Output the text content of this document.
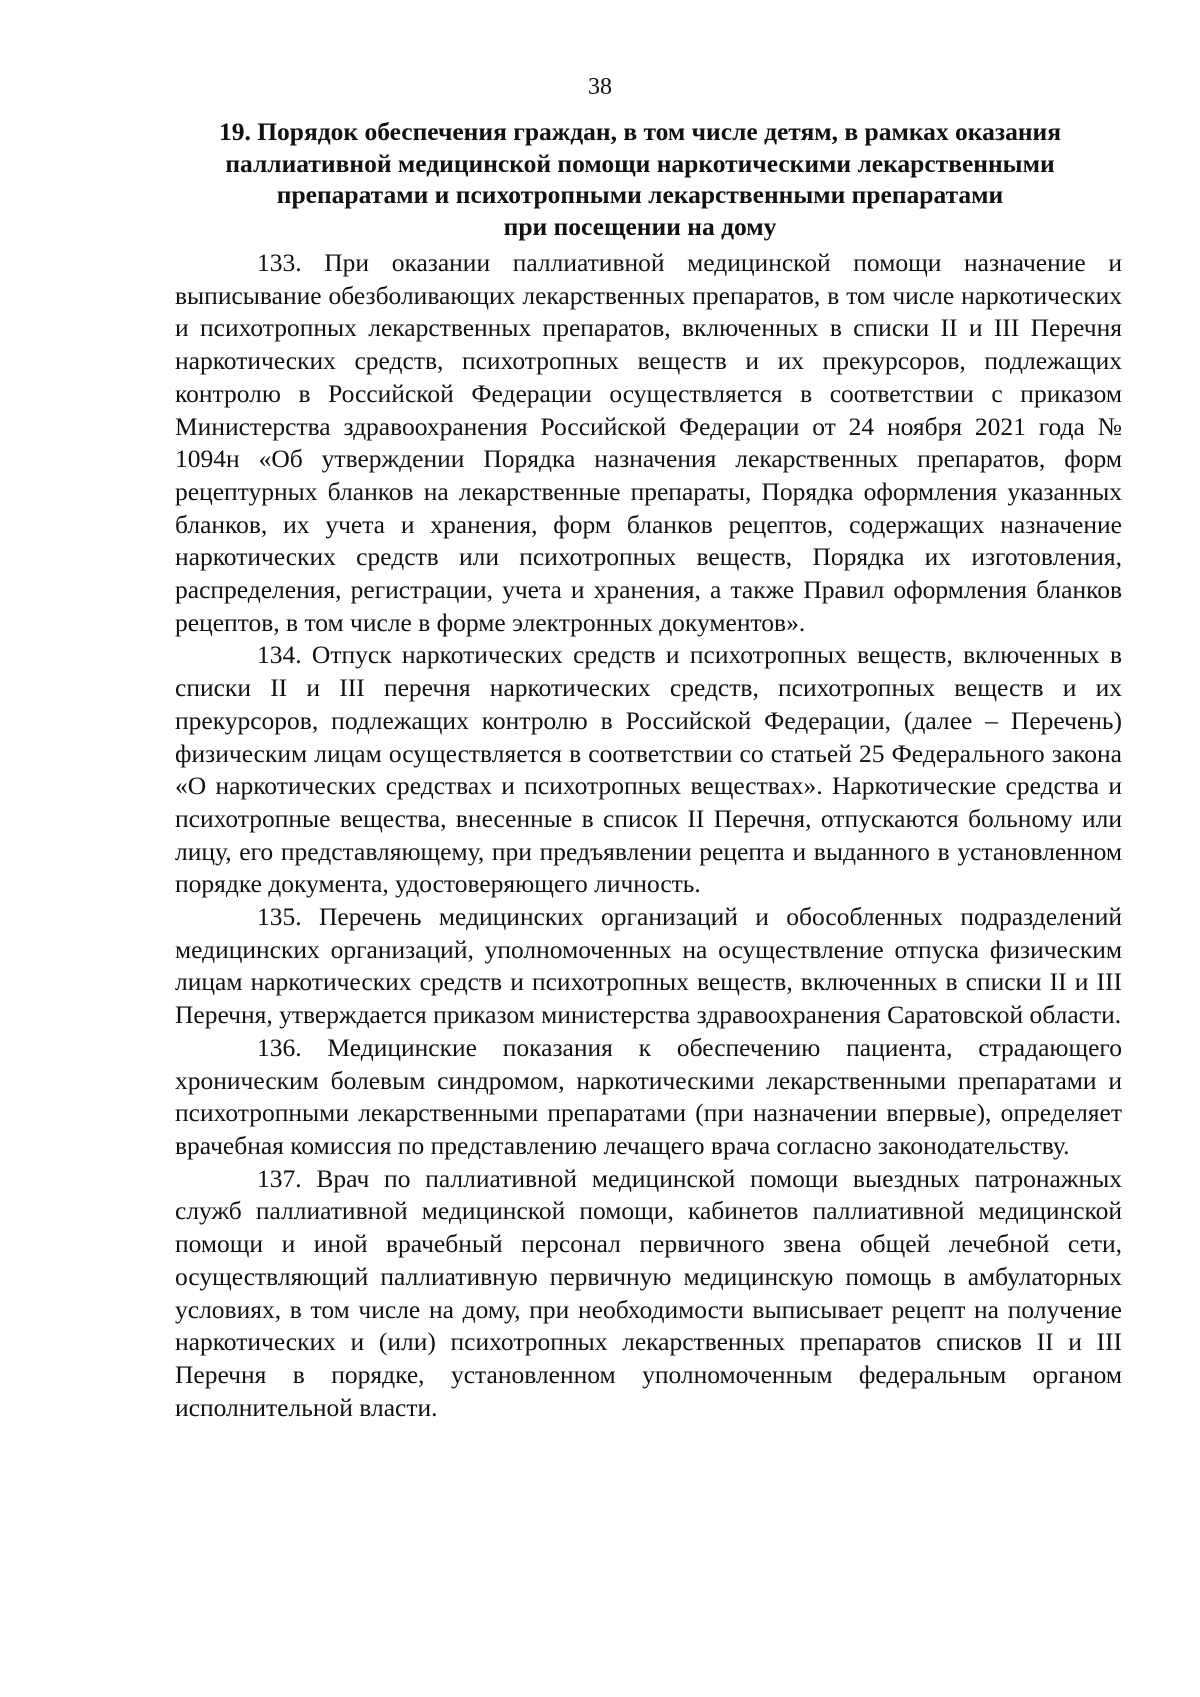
38
19. Порядок обеспечения граждан, в том числе детям, в рамках оказания
паллиативной медицинской помощи наркотическими лекарственными
препаратами и психотропными лекарственными препаратами
при посещении на дому

133. При оказании паллиативной медицинской помощи назначение и выписывание обезболивающих лекарственных препаратов, в том числе наркотических и психотропных лекарственных препаратов, включенных в списки II и III Перечня наркотических средств, психотропных веществ и их прекурсоров, подлежащих контролю в Российской Федерации осуществляется в соответствии с приказом Министерства здравоохранения Российской Федерации от 24 ноября 2021 года № 1094н «Об утверждении Порядка назначения лекарственных препаратов, форм рецептурных бланков на лекарственные препараты, Порядка оформления указанных бланков, их учета и хранения, форм бланков рецептов, содержащих назначение наркотических средств или психотропных веществ, Порядка их изготовления, распределения, регистрации, учета и хранения, а также Правил оформления бланков рецептов, в том числе в форме электронных документов».

134. Отпуск наркотических средств и психотропных веществ, включенных в списки II и III перечня наркотических средств, психотропных веществ и их прекурсоров, подлежащих контролю в Российской Федерации, (далее – Перечень) физическим лицам осуществляется в соответствии со статьей 25 Федерального закона «О наркотических средствах и психотропных веществах». Наркотические средства и психотропные вещества, внесенные в список II Перечня, отпускаются больному или лицу, его представляющему, при предъявлении рецепта и выданного в установленном порядке документа, удостоверяющего личность.

135. Перечень медицинских организаций и обособленных подразделений медицинских организаций, уполномоченных на осуществление отпуска физическим лицам наркотических средств и психотропных веществ, включенных в списки II и III Перечня, утверждается приказом министерства здравоохранения Саратовской области.

136. Медицинские показания к обеспечению пациента, страдающего хроническим болевым синдромом, наркотическими лекарственными препаратами и психотропными лекарственными препаратами (при назначении впервые), определяет врачебная комиссия по представлению лечащего врача согласно законодательству.

137. Врач по паллиативной медицинской помощи выездных патронажных служб паллиативной медицинской помощи, кабинетов паллиативной медицинской помощи и иной врачебный персонал первичного звена общей лечебной сети, осуществляющий паллиативную первичную медицинскую помощь в амбулаторных условиях, в том числе на дому, при необходимости выписывает рецепт на получение наркотических и (или) психотропных лекарственных препаратов списков II и III Перечня в порядке, установленном уполномоченным федеральным органом исполнительной власти.
